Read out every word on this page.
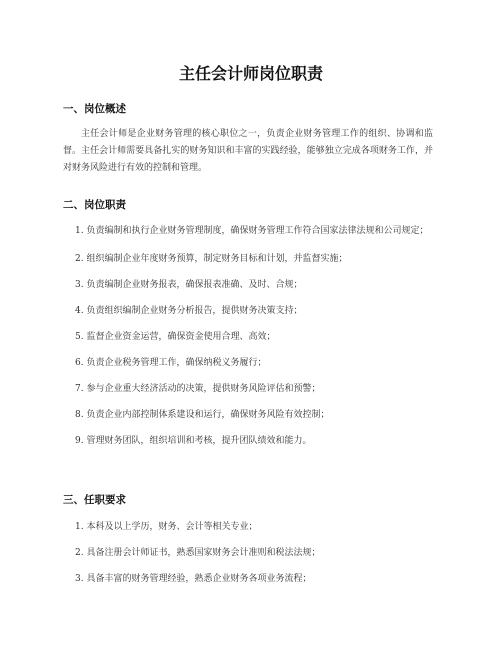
主任会计师岗位职责
一、岗位概述

主任会计师是企业财务管理的核心职位之一，负责企业财务管理工作的组织、协调和监督。主任会计师需要具备扎实的财务知识和丰富的实践经验，能够独立完成各项财务工作，并对财务风险进行有效的控制和管理。

二、岗位职责

1. 负责编制和执行企业财务管理制度，确保财务管理工作符合国家法律法规和公司规定；

2. 组织编制企业年度财务预算，制定财务目标和计划，并监督实施；

3. 负责编制企业财务报表，确保报表准确、及时、合规；

4. 负责组织编制企业财务分析报告，提供财务决策支持；

5. 监督企业资金运营，确保资金使用合理、高效；

6. 负责企业税务管理工作，确保纳税义务履行；

7. 参与企业重大经济活动的决策，提供财务风险评估和预警；

8. 负责企业内部控制体系建设和运行，确保财务风险有效控制；

9. 管理财务团队，组织培训和考核，提升团队绩效和能力。

三、任职要求

1. 本科及以上学历，财务、会计等相关专业；

2. 具备注册会计师证书，熟悉国家财务会计准则和税法法规；

3. 具备丰富的财务管理经验，熟悉企业财务各项业务流程；
